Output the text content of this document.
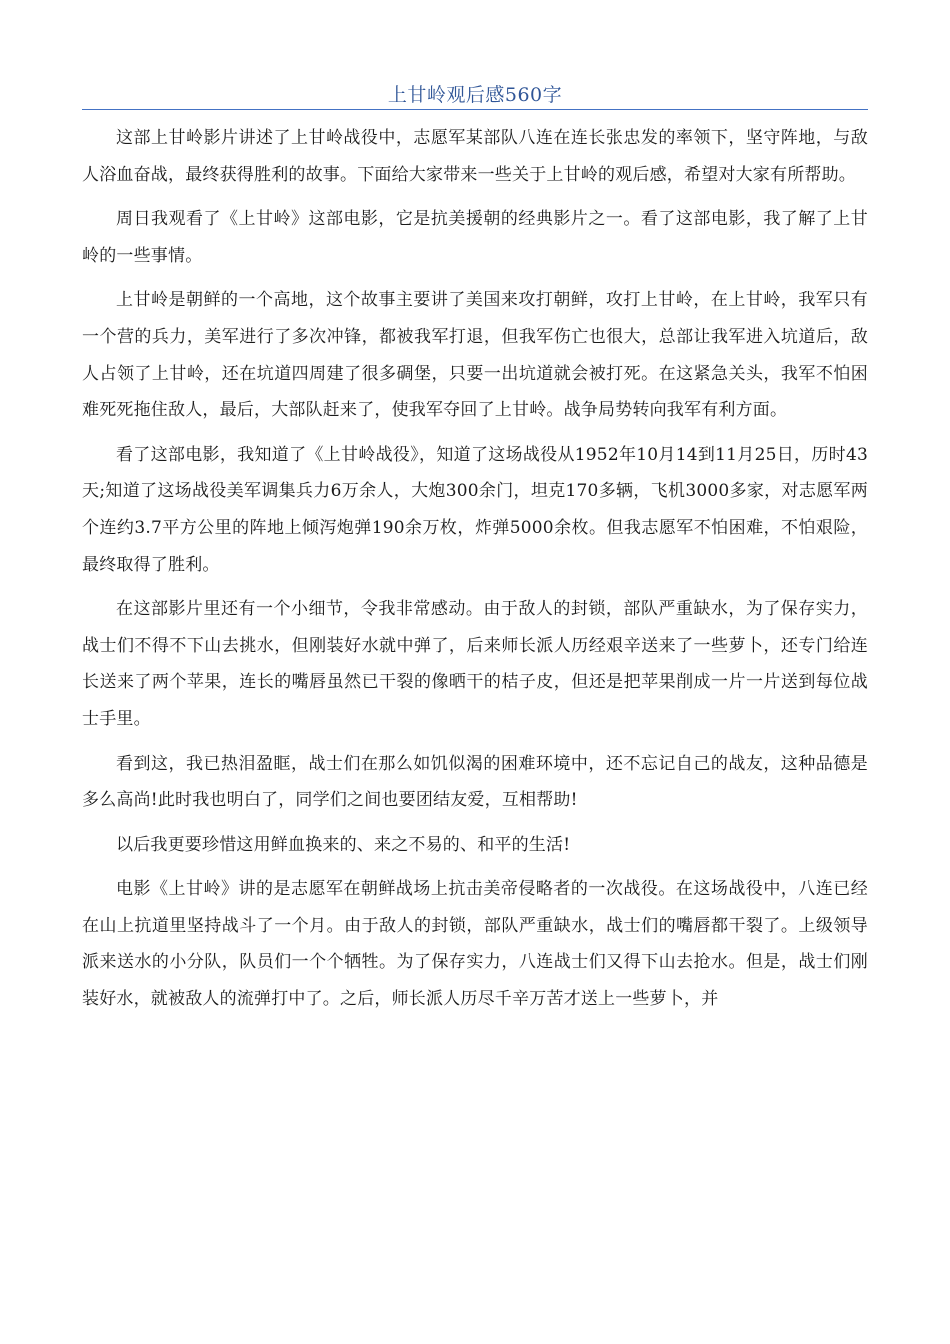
上甘岭观后感560字

这部上甘岭影片讲述了上甘岭战役中，志愿军某部队八连在连长张忠发的率领下，坚守阵地，与敌人浴血奋战，最终获得胜利的故事。下面给大家带来一些关于上甘岭的观后感，希望对大家有所帮助。

周日我观看了《上甘岭》这部电影，它是抗美援朝的经典影片之一。看了这部电影，我了解了上甘岭的一些事情。

上甘岭是朝鲜的一个高地，这个故事主要讲了美国来攻打朝鲜，攻打上甘岭，在上甘岭，我军只有一个营的兵力，美军进行了多次冲锋，都被我军打退，但我军伤亡也很大，总部让我军进入坑道后，敌人占领了上甘岭，还在坑道四周建了很多碉堡，只要一出坑道就会被打死。在这紧急关头，我军不怕困难死死拖住敌人，最后，大部队赶来了，使我军夺回了上甘岭。战争局势转向我军有利方面。

看了这部电影，我知道了《上甘岭战役》，知道了这场战役从1952年10月14到11月25日，历时43天;知道了这场战役美军调集兵力6万余人，大炮300余门，坦克170多辆，飞机3000多家，对志愿军两个连约3.7平方公里的阵地上倾泻炮弹190余万枚，炸弹5000余枚。但我志愿军不怕困难，不怕艰险，最终取得了胜利。

在这部影片里还有一个小细节，令我非常感动。由于敌人的封锁，部队严重缺水，为了保存实力，战士们不得不下山去挑水，但刚装好水就中弹了，后来师长派人历经艰辛送来了一些萝卜，还专门给连长送来了两个苹果，连长的嘴唇虽然已干裂的像晒干的桔子皮，但还是把苹果削成一片一片送到每位战士手里。

看到这，我已热泪盈眶，战士们在那么如饥似渴的困难环境中，还不忘记自己的战友，这种品德是多么高尚!此时我也明白了，同学们之间也要团结友爱，互相帮助!

以后我更要珍惜这用鲜血换来的、来之不易的、和平的生活!

电影《上甘岭》讲的是志愿军在朝鲜战场上抗击美帝侵略者的一次战役。在这场战役中，八连已经在山上抗道里坚持战斗了一个月。由于敌人的封锁，部队严重缺水，战士们的嘴唇都干裂了。上级领导派来送水的小分队，队员们一个个牺牲。为了保存实力，八连战士们又得下山去抢水。但是，战士们刚装好水，就被敌人的流弹打中了。之后，师长派人历尽千辛万苦才送上一些萝卜，并
